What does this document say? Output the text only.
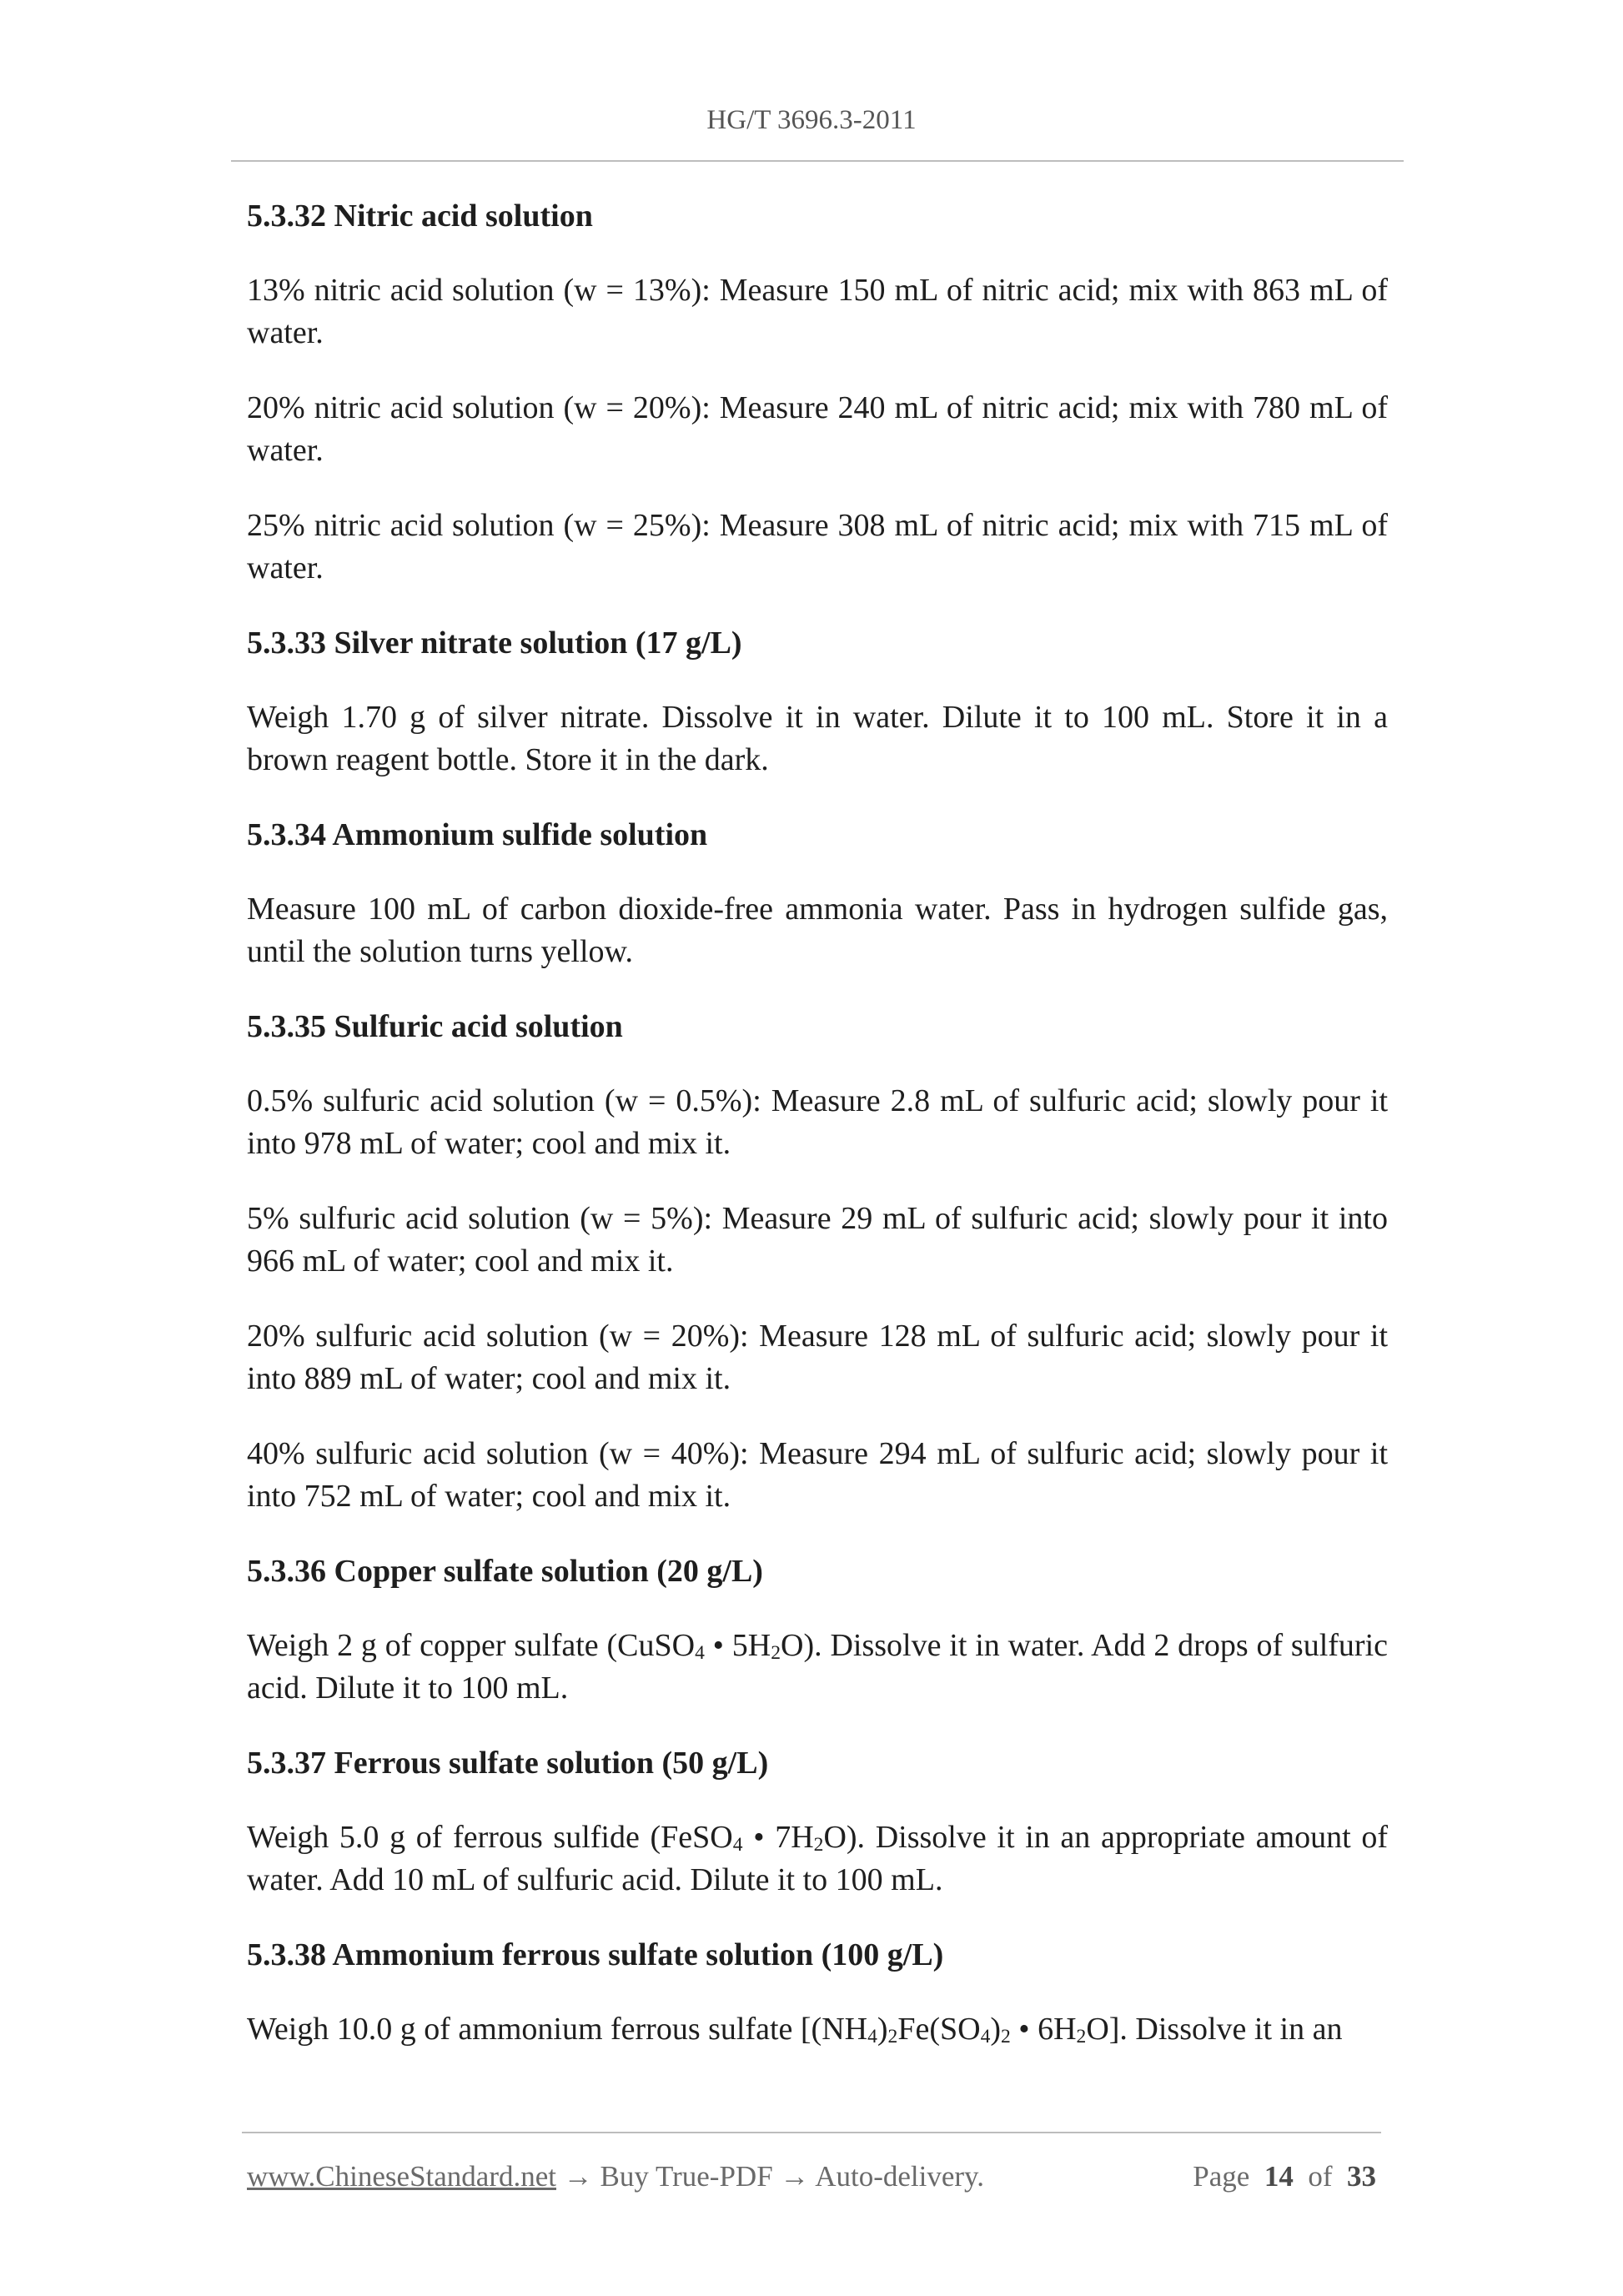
HG/T 3696.3-2011
5.3.32 Nitric acid solution

13% nitric acid solution (w = 13%): Measure 150 mL of nitric acid; mix with 863 mL of water.

20% nitric acid solution (w = 20%): Measure 240 mL of nitric acid; mix with 780 mL of water.

25% nitric acid solution (w = 25%): Measure 308 mL of nitric acid; mix with 715 mL of water.

5.3.33 Silver nitrate solution (17 g/L)

Weigh 1.70 g of silver nitrate. Dissolve it in water. Dilute it to 100 mL. Store it in a brown reagent bottle. Store it in the dark.

5.3.34 Ammonium sulfide solution

Measure 100 mL of carbon dioxide-free ammonia water. Pass in hydrogen sulfide gas, until the solution turns yellow.

5.3.35 Sulfuric acid solution

0.5% sulfuric acid solution (w = 0.5%): Measure 2.8 mL of sulfuric acid; slowly pour it into 978 mL of water; cool and mix it.

5% sulfuric acid solution (w = 5%): Measure 29 mL of sulfuric acid; slowly pour it into 966 mL of water; cool and mix it.

20% sulfuric acid solution (w = 20%): Measure 128 mL of sulfuric acid; slowly pour it into 889 mL of water; cool and mix it.

40% sulfuric acid solution (w = 40%): Measure 294 mL of sulfuric acid; slowly pour it into 752 mL of water; cool and mix it.

5.3.36 Copper sulfate solution (20 g/L)

Weigh 2 g of copper sulfate (CuSO$_4$ • $5H_2O$). Dissolve it in water. Add 2 drops of sulfuric acid. Dilute it to 100 mL.

5.3.37 Ferrous sulfate solution (50 g/L)

Weigh 5.0 g of ferrous sulfide (FeSO$_4$ • $7H_2O$). Dissolve it in an appropriate amount of water. Add 10 mL of sulfuric acid. Dilute it to 100 mL.

5.3.38 Ammonium ferrous sulfate solution (100 g/L)

Weigh 10.0 g of ammonium ferrous sulfate [$(NH_4)_2Fe(SO_4)_2$ • $6H_2O$]. Dissolve it in an

www.ChineseStandard.net → Buy True-PDF → Auto-delivery.	Page 14 of 33
